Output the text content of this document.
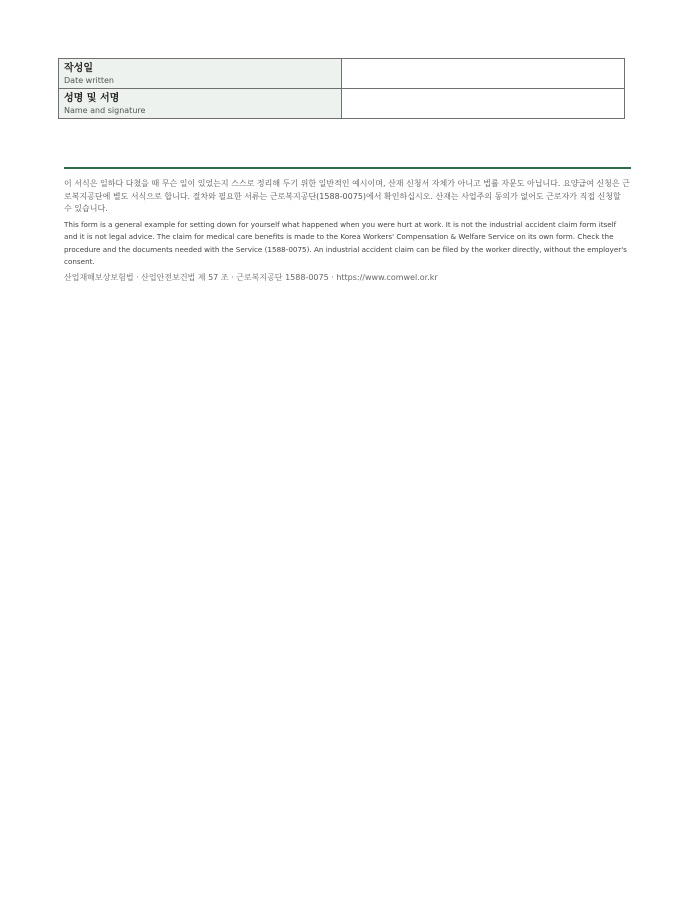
작성일
Date written	

성명 및 서명
Name and signature	

이 서식은 일하다 다쳤을 때 무슨 일이 있었는지 스스로 정리해 두기 위한 일반적인 예시이며, 산재 신청서 자체가 아니고 법률 자문도 아닙니다. 요양급여 신청은 근로복지공단에 별도 서식으로 합니다. 절차와 필요한 서류는 근로복지공단(1588-0075)에서 확인하십시오. 산재는 사업주의 동의가 없어도 근로자가 직접 신청할 수 있습니다.

This form is a general example for setting down for yourself what happened when you were hurt at work. It is not the industrial accident claim form itself and it is not legal advice. The claim for medical care benefits is made to the Korea Workers' Compensation & Welfare Service on its own form. Check the procedure and the documents needed with the Service (1588-0075). An industrial accident claim can be filed by the worker directly, without the employer's consent.

산업재해보상보험법 · 산업안전보건법 제 57 조 · 근로복지공단 1588-0075 · https://www.comwel.or.kr
